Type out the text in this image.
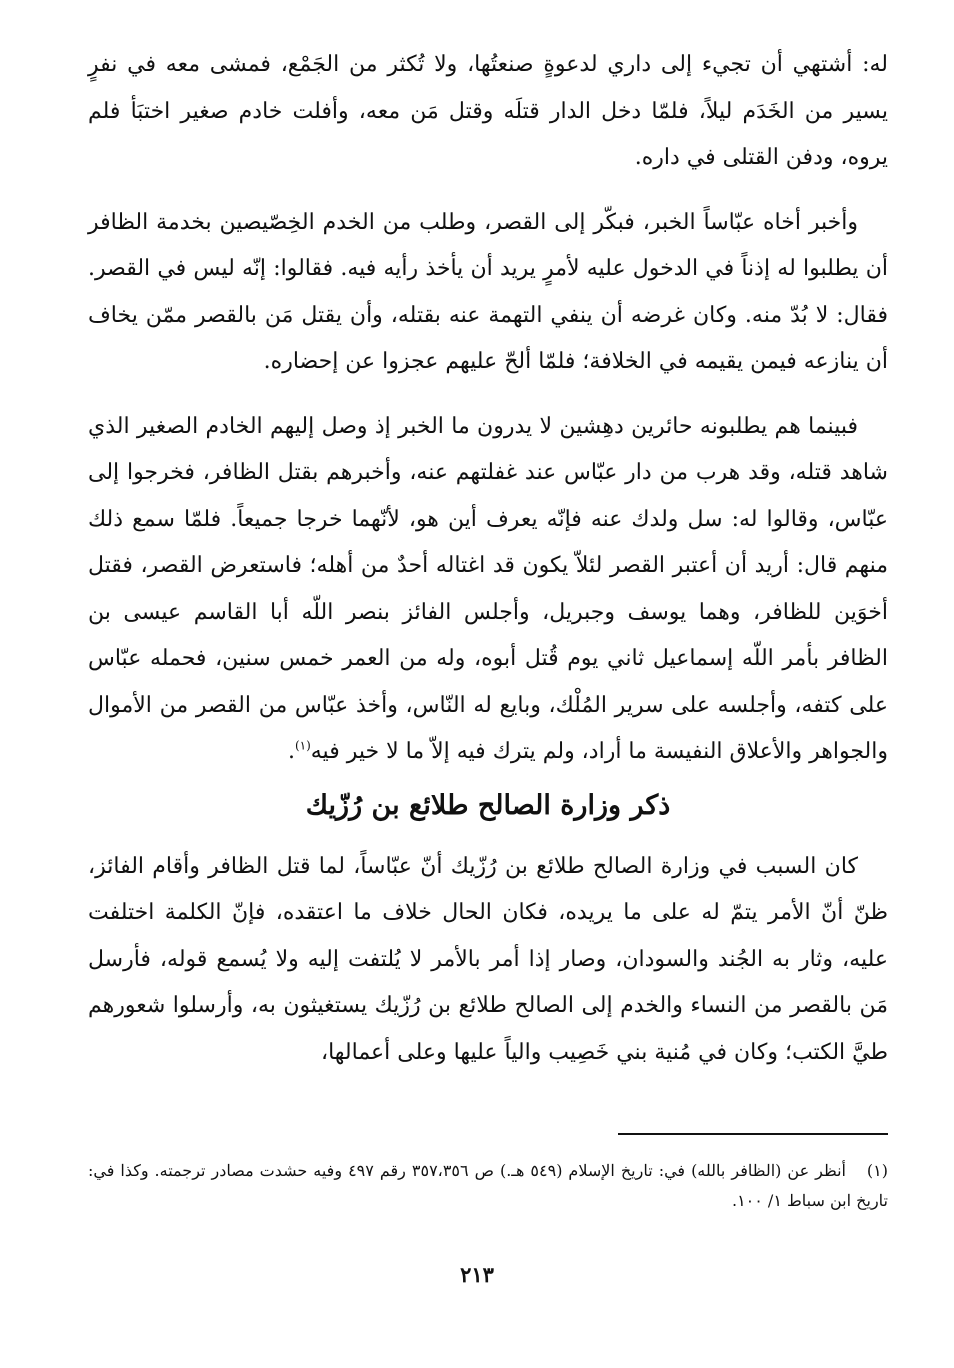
له: أشتهي أن تجيء إلى داري لدعوةٍ صنعتُها، ولا تُكثر من الجَمْع، فمشى معه في نفرٍ يسير من الخَدَم ليلاً، فلمّا دخل الدار قتلَه وقتل مَن معه، وأفلت خادم صغير اختبَأ فلم يروه، ودفن القتلى في داره.

وأخبر أخاه عبّاساً الخبر، فبكّر إلى القصر، وطلب من الخدم الخِصّيصين بخدمة الظافر أن يطلبوا له إذناً في الدخول عليه لأمرٍ يريد أن يأخذ رأيه فيه. فقالوا: إنّه ليس في القصر. فقال: لا بُدّ منه. وكان غرضه أن ينفي التهمة عنه بقتله، وأن يقتل مَن بالقصر ممّن يخاف أن ينازعه فيمن يقيمه في الخلافة؛ فلمّا ألحّ عليهم عجزوا عن إحضاره.

فبينما هم يطلبونه حائرين دهِشين لا يدرون ما الخبر إذ وصل إليهم الخادم الصغير الذي شاهد قتله، وقد هرب من دار عبّاس عند غفلتهم عنه، وأخبرهم بقتل الظافر، فخرجوا إلى عبّاس، وقالوا له: سل ولدك عنه فإنّه يعرف أين هو، لأنّهما خرجا جميعاً. فلمّا سمع ذلك منهم قال: أريد أن أعتبر القصر لئلاّ يكون قد اغتاله أحدٌ من أهله؛ فاستعرض القصر، فقتل أخوَين للظافر، وهما يوسف وجبريل، وأجلس الفائز بنصر اللّه أبا القاسم عيسى بن الظافر بأمر اللّه إسماعيل ثاني يوم قُتل أبوه، وله من العمر خمس سنين، فحمله عبّاس على كتفه، وأجلسه على سرير المُلْك، وبايع له النّاس، وأخذ عبّاس من القصر من الأموال والجواهر والأعلاق النفيسة ما أراد، ولم يترك فيه إلاّ ما لا خير فيه$^{(١)}$.

ذكر وزارة الصالح طلائع بن رُزّيك

كان السبب في وزارة الصالح طلائع بن رُزّيك أنّ عبّاساً، لما قتل الظافر وأقام الفائز، ظنّ أنّ الأمر يتمّ له على ما يريده، فكان الحال خلاف ما اعتقده، فإنّ الكلمة اختلفت عليه، وثار به الجُند والسودان، وصار إذا أمر بالأمر لا يُلتفت إليه ولا يُسمع قوله، فأرسل مَن بالقصر من النساء والخدم إلى الصالح طلائع بن رُزّيك يستغيثون به، وأرسلوا شعورهم طيَّ الكتب؛ وكان في مُنية بني خَصِيب والياً عليها وعلى أعمالها،

(١) أنظر عن (الظافر بالله) في: تاريخ الإسلام (٥٤٩ هـ.) ص ٣٥٧،٣٥٦ رقم ٤٩٧ وفيه حشدت مصادر ترجمته. وكذا في: تاريخ ابن سباط ١/ ١٠٠.
٢١٣
